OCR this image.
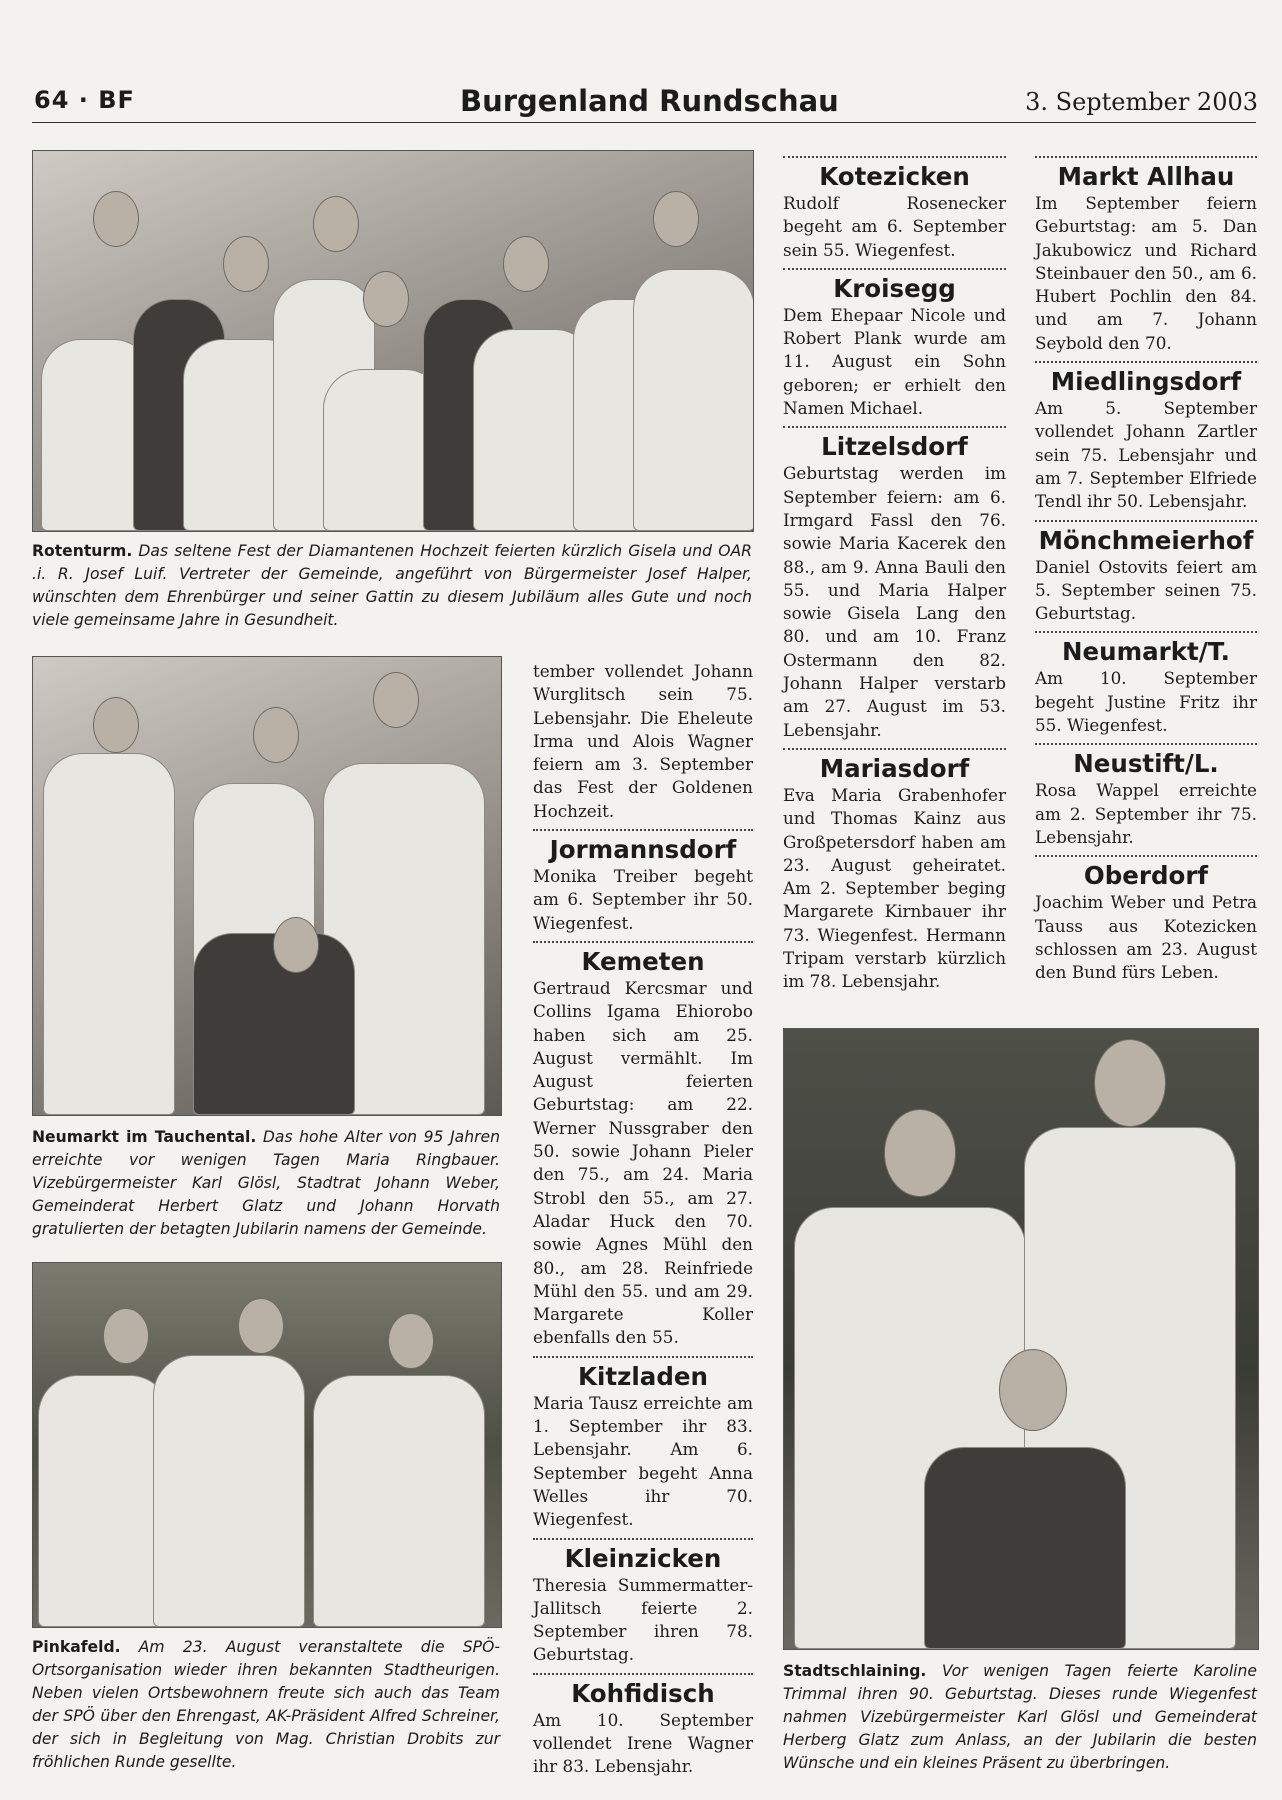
64 · BF	Burgenland Rundschau	3. September 2003
Rotenturm. Das seltene Fest der Diamantenen Hochzeit feierten kürzlich Gisela und OAR .i. R. Josef Luif. Vertreter der Gemeinde, angeführt von Bürgermeister Josef Halper, wünschten dem Ehrenbürger und seiner Gattin zu diesem Jubiläum alles Gute und noch viele gemeinsame Jahre in Gesundheit.
Neumarkt im Tauchental. Das hohe Alter von 95 Jahren erreichte vor wenigen Tagen Maria Ringbauer. Vizebürgermeister Karl Glösl, Stadtrat Johann Weber, Gemeinderat Herbert Glatz und Johann Horvath gratulierten der betagten Jubilarin namens der Gemeinde.
Pinkafeld. Am 23. August veranstaltete die SPÖ-Ortsorganisation wieder ihren bekannten Stadtheurigen. Neben vielen Ortsbewohnern freute sich auch das Team der SPÖ über den Ehrengast, AK-Präsident Alfred Schreiner, der sich in Begleitung von Mag. Christian Drobits zur fröhlichen Runde gesellte.
tember vollendet Johann Wurglitsch sein 75. Lebensjahr. Die Eheleute Irma und Alois Wagner feiern am 3. September das Fest der Goldenen Hochzeit.
Jormannsdorf
Monika Treiber begeht am 6. September ihr 50. Wiegenfest.
Kemeten
Gertraud Kercsmar und Collins Igama Ehiorobo haben sich am 25. August vermählt. Im August feierten Geburtstag: am 22. Werner Nussgraber den 50. sowie Johann Pieler den 75., am 24. Maria Strobl den 55., am 27. Aladar Huck den 70. sowie Agnes Mühl den 80., am 28. Reinfriede Mühl den 55. und am 29. Margarete Koller ebenfalls den 55.
Kitzladen
Maria Tausz erreichte am 1. September ihr 83. Lebensjahr. Am 6. September begeht Anna Welles ihr 70. Wiegenfest.
Kleinzicken
Theresia Summermatter-Jallitsch feierte 2. September ihren 78. Geburtstag.
Kohfidisch
Am 10. September vollendet Irene Wagner ihr 83. Lebensjahr.
Kotezicken
Rudolf Rosenecker begeht am 6. September sein 55. Wiegenfest.
Kroisegg
Dem Ehepaar Nicole und Robert Plank wurde am 11. August ein Sohn geboren; er erhielt den Namen Michael.
Litzelsdorf
Geburtstag werden im September feiern: am 6. Irmgard Fassl den 76. sowie Maria Kacerek den 88., am 9. Anna Bauli den 55. und Maria Halper sowie Gisela Lang den 80. und am 10. Franz Ostermann den 82. Johann Halper verstarb am 27. August im 53. Lebensjahr.
Mariasdorf
Eva Maria Grabenhofer und Thomas Kainz aus Großpetersdorf haben am 23. August geheiratet. Am 2. September beging Margarete Kirnbauer ihr 73. Wiegenfest. Hermann Tripam verstarb kürzlich im 78. Lebensjahr.
Markt Allhau
Im September feiern Geburtstag: am 5. Dan Jakubowicz und Richard Steinbauer den 50., am 6. Hubert Pochlin den 84. und am 7. Johann Seybold den 70.
Miedlingsdorf
Am 5. September vollendet Johann Zartler sein 75. Lebensjahr und am 7. September Elfriede Tendl ihr 50. Lebensjahr.
Mönchmeierhof
Daniel Ostovits feiert am 5. September seinen 75. Geburtstag.
Neumarkt/T.
Am 10. September begeht Justine Fritz ihr 55. Wiegenfest.
Neustift/L.
Rosa Wappel erreichte am 2. September ihr 75. Lebensjahr.
Oberdorf
Joachim Weber und Petra Tauss aus Kotezicken schlossen am 23. August den Bund fürs Leben.
Stadtschlaining. Vor wenigen Tagen feierte Karoline Trimmal ihren 90. Geburtstag. Dieses runde Wiegenfest nahmen Vizebürgermeister Karl Glösl und Gemeinderat Herberg Glatz zum Anlass, an der Jubilarin die besten Wünsche und ein kleines Präsent zu überbringen.
